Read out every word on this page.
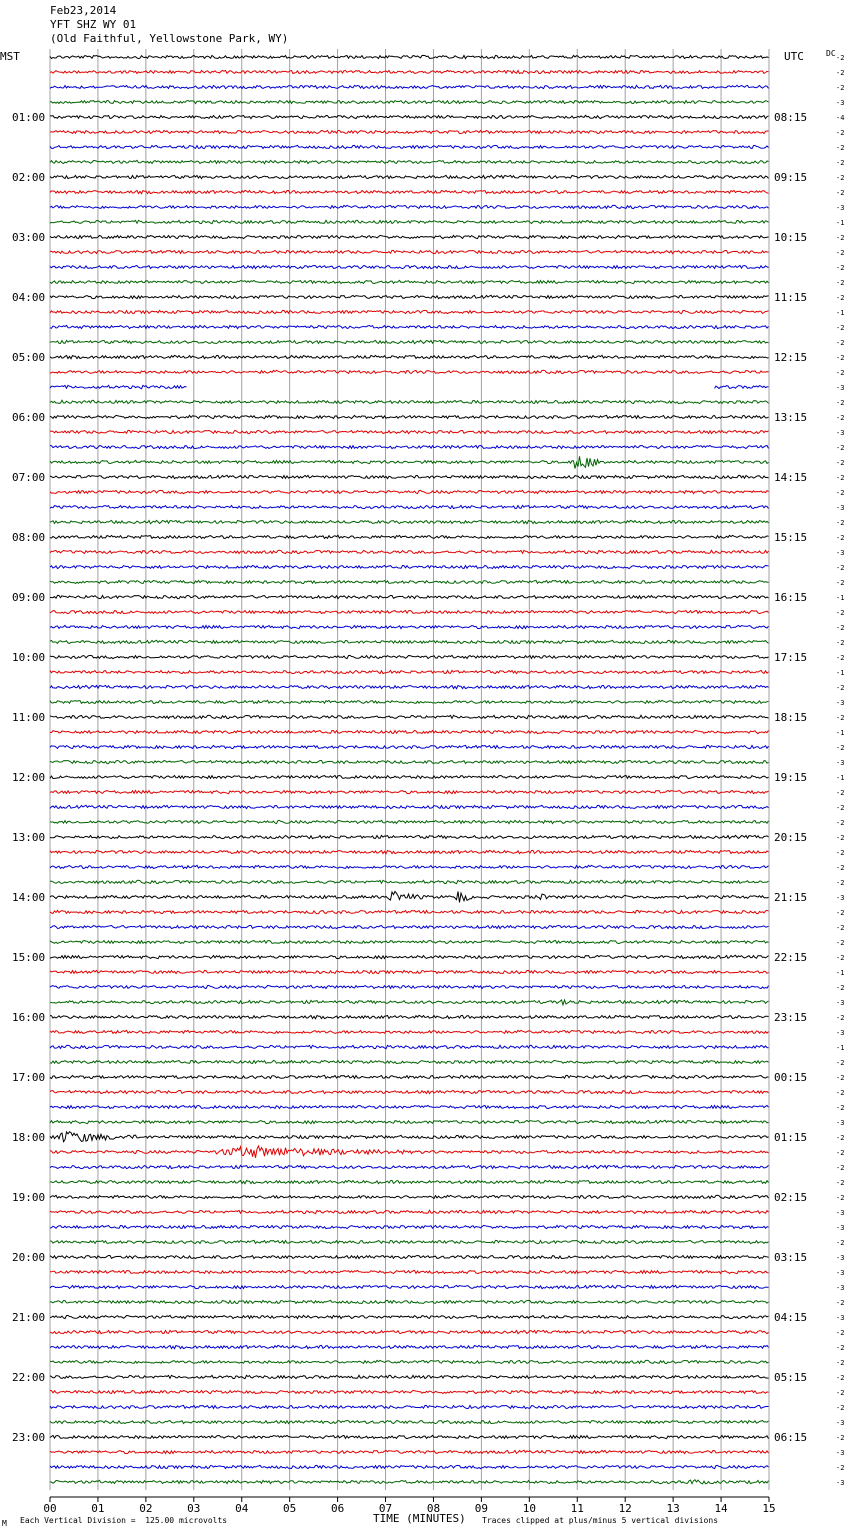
Feb23,2014
YFT SHZ WY 01
(Old Faithful, Yellowstone Park, WY)
MST	UTC	DC
00	01	02	03	04	05	06	07	08	09	10	11	12	13	14	15
-2
-2
-2
-3
-4
-2
-2
-2
-2
-2
-3
-1
-2
-2
-2
-2
-2
-1
-2
-2
-2
-2
-3
-2
-2
-3
-2
-2
-2
-2
-3
-2
-2
-3
-2
-2
-1
-2
-2
-2
-2
-1
-2
-3
-2
-1
-2
-3
-1
-2
-2
-2
-2
-2
-2
-2
-3
-2
-2
-2
-2
-1
-2
-3
-2
-3
-1
-2
-2
-2
-2
-3
-2
-2
-2
-2
-2
-3
-3
-2
-3
-3
-3
-2
-3
-2
-2
-2
-2
-2
-2
-3
-2
-3
-2
-3
01:00
02:00
03:00
04:00
05:00
06:00
07:00
08:00
09:00
10:00
11:00
12:00
13:00
14:00
15:00
16:00
17:00
18:00
19:00
20:00
21:00
22:00
23:00
08:15
09:15
10:15
11:15
12:15
13:15
14:15
15:15
16:15
17:15
18:15
19:15
20:15
21:15
22:15
23:15
00:15
01:15
02:15
03:15
04:15
05:15
06:15
M Each Vertical Division =  125.00 microvolts	TIME (MINUTES) Traces clipped at plus/minus 5 vertical divisions
